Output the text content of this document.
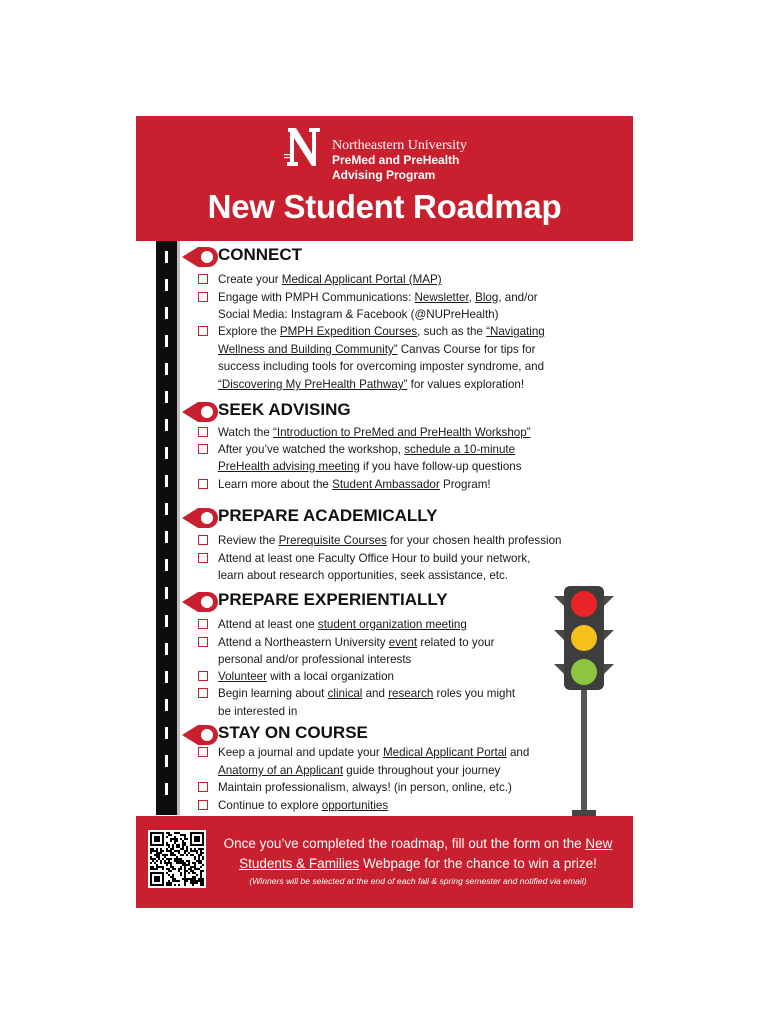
Northeastern University
PreMed and PreHealth
Advising Program
New Student Roadmap
CONNECT
Create your Medical Applicant Portal (MAP)
Engage with PMPH Communications: Newsletter, Blog, and/or
Social Media: Instagram & Facebook (@NUPreHealth)
Explore the PMPH Expedition Courses, such as the “Navigating
Wellness and Building Community” Canvas Course for tips for
success including tools for overcoming imposter syndrome, and
“Discovering My PreHealth Pathway” for values exploration!
SEEK ADVISING
Watch the “Introduction to PreMed and PreHealth Workshop”
After you’ve watched the workshop, schedule a 10-minute
PreHealth advising meeting if you have follow-up questions
Learn more about the Student Ambassador Program!
PREPARE ACADEMICALLY
Review the Prerequisite Courses for your chosen health profession
Attend at least one Faculty Office Hour to build your network,
learn about research opportunities, seek assistance, etc.
PREPARE EXPERIENTIALLY
Attend at least one student organization meeting
Attend a Northeastern University event related to your
personal and/or professional interests
Volunteer with a local organization
Begin learning about clinical and research roles you might
be interested in
STAY ON COURSE
Keep a journal and update your Medical Applicant Portal and
Anatomy of an Applicant guide throughout your journey
Maintain professionalism, always! (in person, online, etc.)
Continue to explore opportunities
Once you’ve completed the roadmap, fill out the form on the New
Students & Families Webpage for the chance to win a prize!
(Winners will be selected at the end of each fall & spring semester and notified via email)
